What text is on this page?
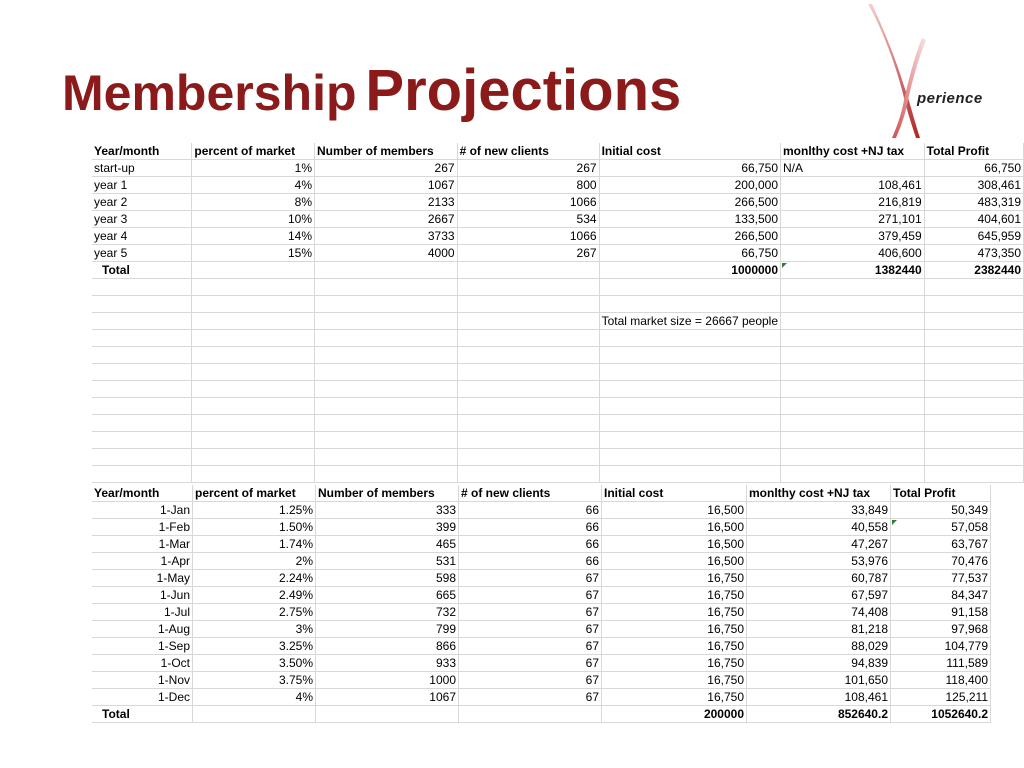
Membership Projections	perience
Year/month	percent of market	Number of members	# of new clients	Initial cost	monlthy cost +NJ tax	Total Profit
start-up	1%	267	267	66,750	N/A	66,750
year 1	4%	1067	800	200,000	108,461	308,461
year 2	8%	2133	1066	266,500	216,819	483,319
year 3	10%	2667	534	133,500	271,101	404,601
year 4	14%	3733	1066	266,500	379,459	645,959
year 5	15%	4000	267	66,750	406,600	473,350
Total				1000000	1382440	2382440

				Total market size = 26667 people		

Year/month	percent of market	Number of members	# of new clients	Initial cost	monlthy cost +NJ tax	Total Profit
1-Jan	1.25%	333	66	16,500	33,849	50,349
1-Feb	1.50%	399	66	16,500	40,558	57,058
1-Mar	1.74%	465	66	16,500	47,267	63,767
1-Apr	2%	531	66	16,500	53,976	70,476
1-May	2.24%	598	67	16,750	60,787	77,537
1-Jun	2.49%	665	67	16,750	67,597	84,347
1-Jul	2.75%	732	67	16,750	74,408	91,158
1-Aug	3%	799	67	16,750	81,218	97,968
1-Sep	3.25%	866	67	16,750	88,029	104,779
1-Oct	3.50%	933	67	16,750	94,839	111,589
1-Nov	3.75%	1000	67	16,750	101,650	118,400
1-Dec	4%	1067	67	16,750	108,461	125,211
Total				200000	852640.2	1052640.2
